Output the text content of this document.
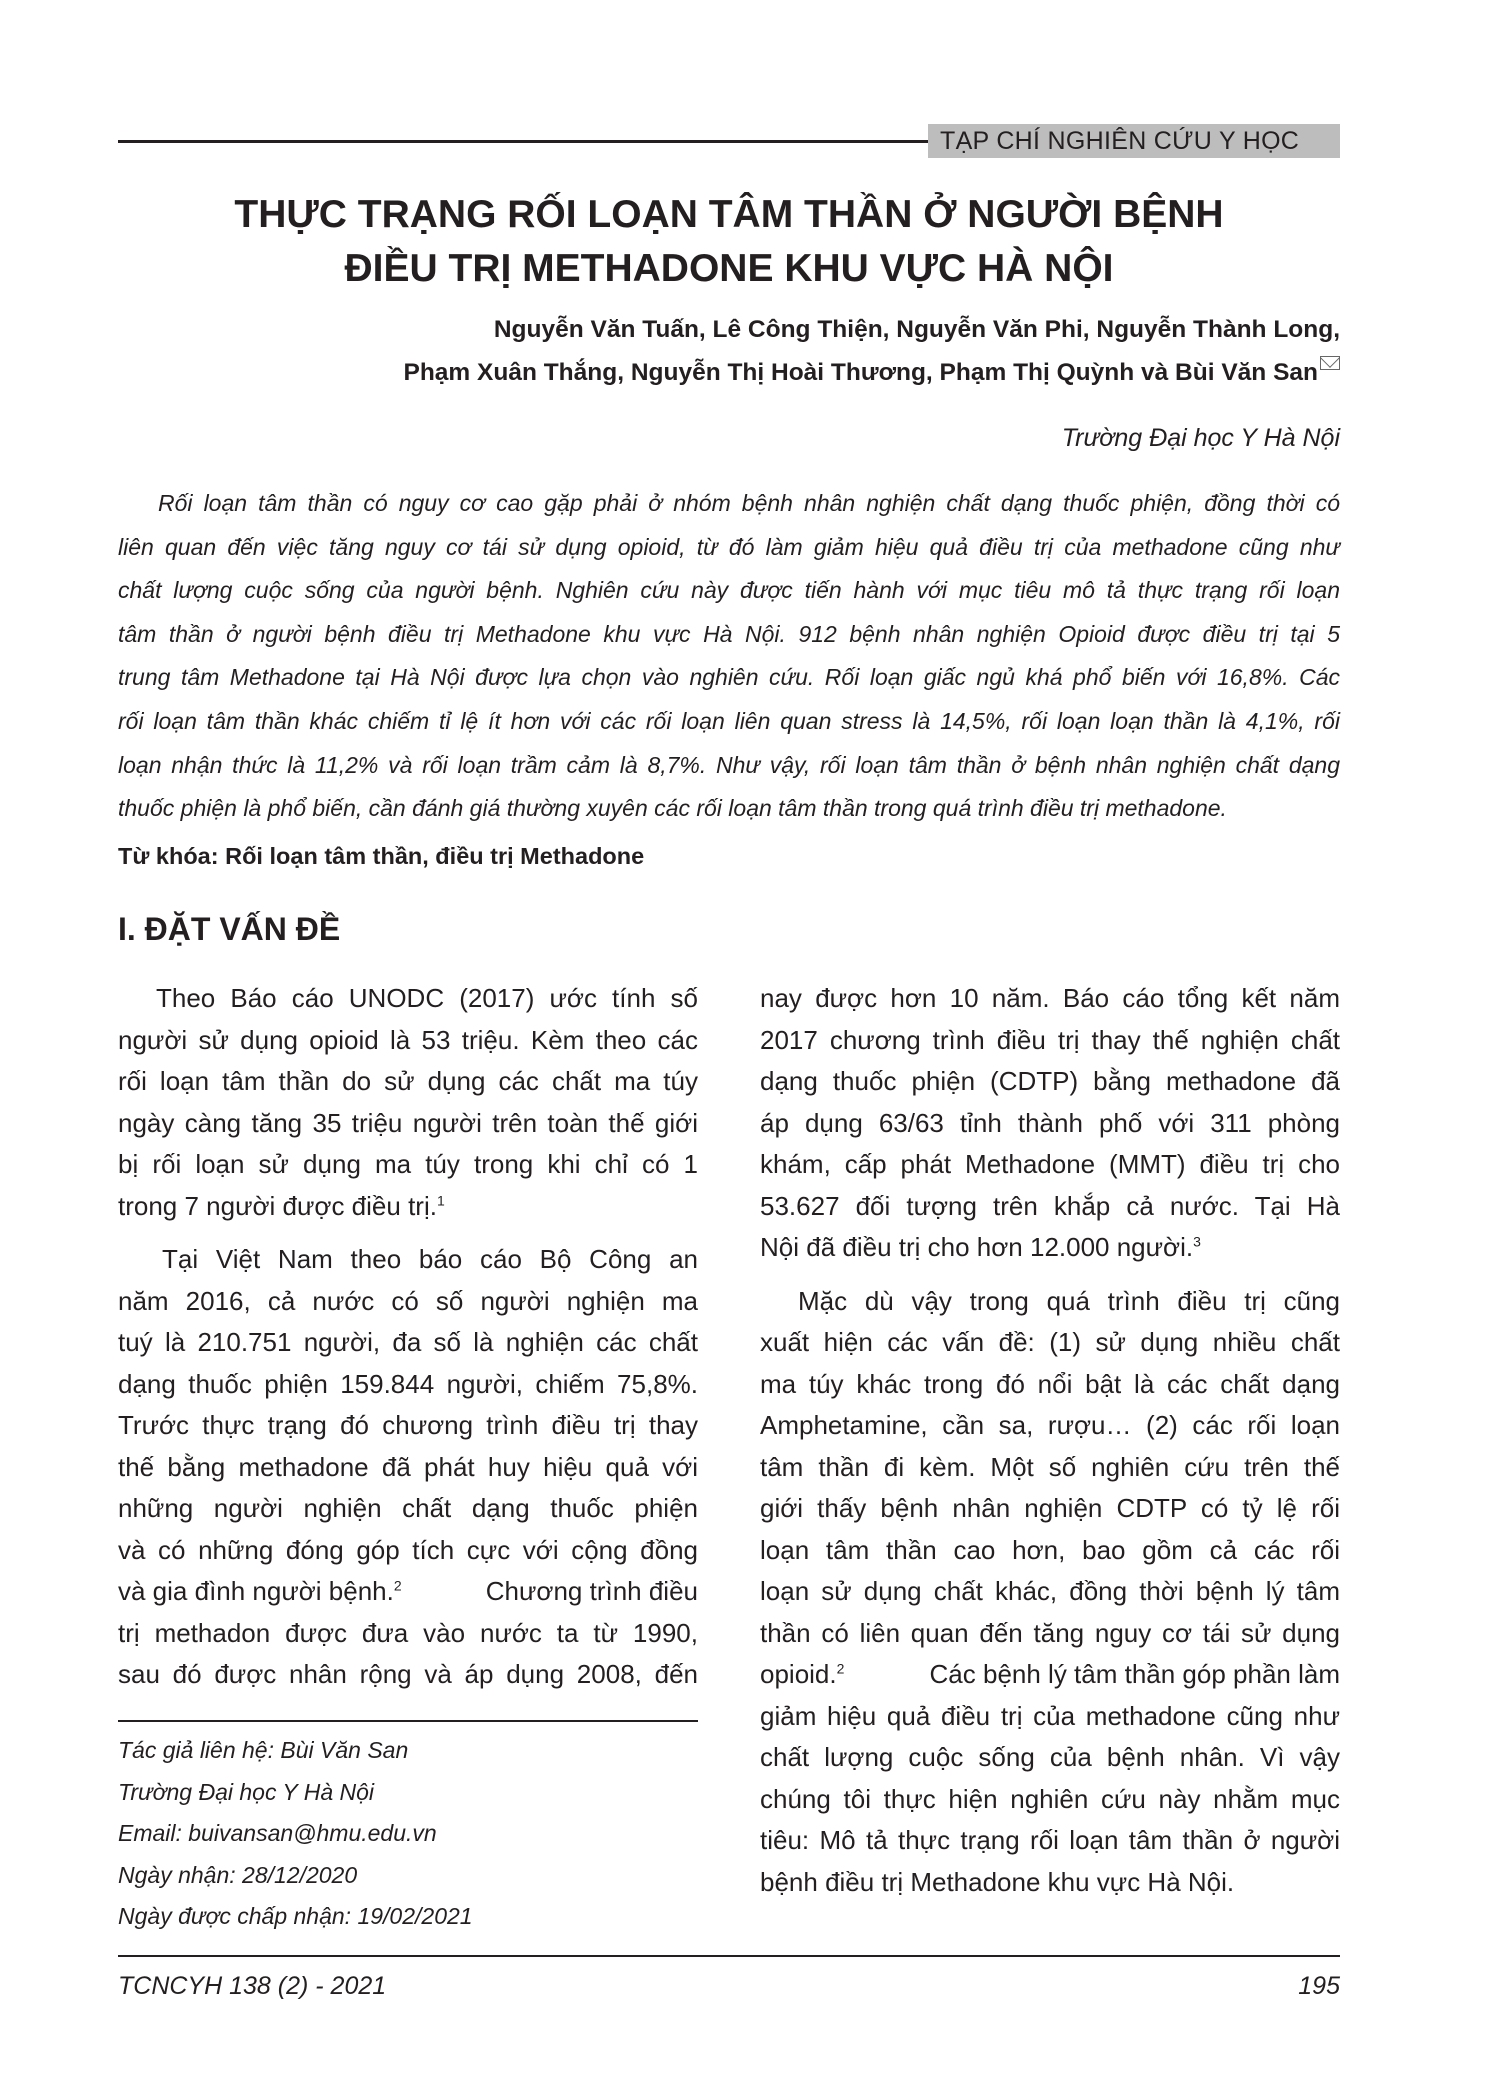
TẠP CHÍ NGHIÊN CỨU Y HỌC
THỰC TRẠNG RỐI LOẠN TÂM THẦN Ở NGƯỜI BỆNH
ĐIỀU TRỊ METHADONE KHU VỰC HÀ NỘI
Nguyễn Văn Tuấn, Lê Công Thiện, Nguyễn Văn Phi, Nguyễn Thành Long,
Phạm Xuân Thắng, Nguyễn Thị Hoài Thương, Phạm Thị Quỳnh và Bùi Văn San
Trường Đại học Y Hà Nội
Rối loạn tâm thần có nguy cơ cao gặp phải ở nhóm bệnh nhân nghiện chất dạng thuốc phiện, đồng thời có
liên quan đến việc tăng nguy cơ tái sử dụng opioid, từ đó làm giảm hiệu quả điều trị của methadone cũng như
chất lượng cuộc sống của người bệnh. Nghiên cứu này được tiến hành với mục tiêu mô tả thực trạng rối loạn
tâm thần ở người bệnh điều trị Methadone khu vực Hà Nội. 912 bệnh nhân nghiện Opioid được điều trị tại 5
trung tâm Methadone tại Hà Nội được lựa chọn vào nghiên cứu. Rối loạn giấc ngủ khá phổ biến với 16,8%. Các
rối loạn tâm thần khác chiếm tỉ lệ ít hơn với các rối loạn liên quan stress là 14,5%, rối loạn loạn thần là 4,1%, rối
loạn nhận thức là 11,2% và rối loạn trầm cảm là 8,7%. Như vậy, rối loạn tâm thần ở bệnh nhân nghiện chất dạng
thuốc phiện là phổ biến, cần đánh giá thường xuyên các rối loạn tâm thần trong quá trình điều trị methadone.
Từ khóa: Rối loạn tâm thần, điều trị Methadone
I. ĐẶT VẤN ĐỀ
Theo Báo cáo UNODC (2017) ước tính số
người sử dụng opioid là 53 triệu. Kèm theo các
rối loạn tâm thần do sử dụng các chất ma túy
ngày càng tăng 35 triệu người trên toàn thế giới
bị rối loạn sử dụng ma túy trong khi chỉ có 1
trong 7 người được điều trị.$^1$
Tại Việt Nam theo báo cáo Bộ Công an
năm 2016, cả nước có số người nghiện ma
tuý là 210.751 người, đa số là nghiện các chất
dạng thuốc phiện 159.844 người, chiếm 75,8%.
Trước thực trạng đó chương trình điều trị thay
thế bằng methadone đã phát huy hiệu quả với
những người nghiện chất dạng thuốc phiện
và có những đóng góp tích cực với cộng đồng
và gia đình người bệnh.$^2$	Chương trình điều
trị methadon được đưa vào nước ta từ 1990,
sau đó được nhân rộng và áp dụng 2008, đến
nay được hơn 10 năm. Báo cáo tổng kết năm
2017 chương trình điều trị thay thế nghiện chất
dạng thuốc phiện (CDTP) bằng methadone đã
áp dụng 63/63 tỉnh thành phố với 311 phòng
khám, cấp phát Methadone (MMT) điều trị cho
53.627 đối tượng trên khắp cả nước. Tại Hà
Nội đã điều trị cho hơn 12.000 người.$^3$
Mặc dù vậy trong quá trình điều trị cũng
xuất hiện các vấn đề: (1) sử dụng nhiều chất
ma túy khác trong đó nổi bật là các chất dạng
Amphetamine, cần sa, rượu… (2) các rối loạn
tâm thần đi kèm. Một số nghiên cứu trên thế
giới thấy bệnh nhân nghiện CDTP có tỷ lệ rối
loạn tâm thần cao hơn, bao gồm cả các rối
loạn sử dụng chất khác, đồng thời bệnh lý tâm
thần có liên quan đến tăng nguy cơ tái sử dụng
opioid.$^2$	Các bệnh lý tâm thần góp phần làm
giảm hiệu quả điều trị của methadone cũng như
chất lượng cuộc sống của bệnh nhân. Vì vậy
chúng tôi thực hiện nghiên cứu này nhằm mục
tiêu: Mô tả thực trạng rối loạn tâm thần ở người
bệnh điều trị Methadone khu vực Hà Nội.
Tác giả liên hệ: Bùi Văn San
Trường Đại học Y Hà Nội
Email: buivansan@hmu.edu.vn
Ngày nhận: 28/12/2020
Ngày được chấp nhận: 19/02/2021
TCNCYH 138 (2) - 2021	195
